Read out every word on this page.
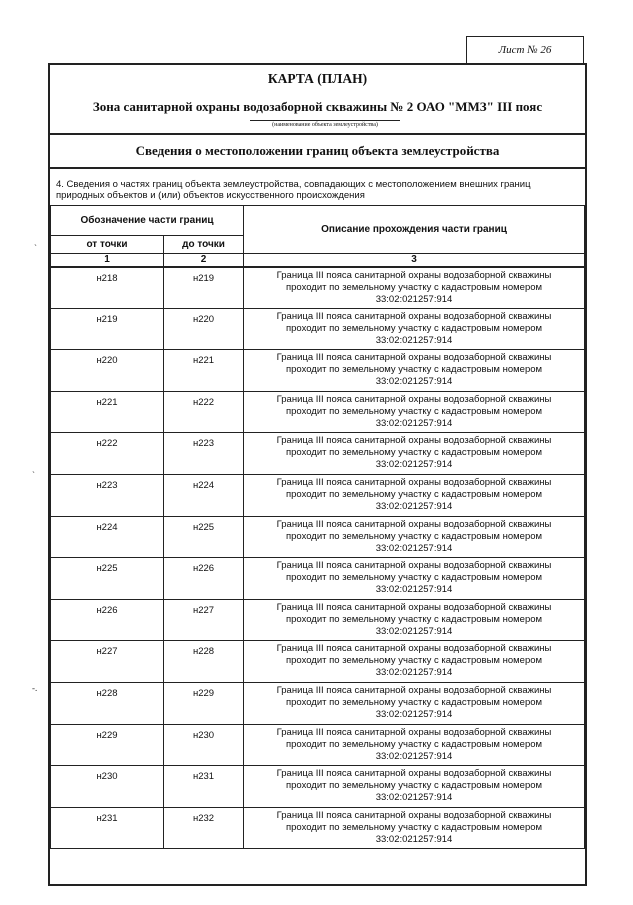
Лист № 26
КАРТА (ПЛАН)
Зона санитарной охраны водозаборной скважины № 2 ОАО "ММЗ" III пояс
(наименование объекта землеустройства)
Сведения о местоположении границ объекта землеустройства
4. Сведения о частях границ объекта землеустройства, совпадающих с местоположением внешних границ природных объектов и (или) объектов искусственного происхождения
Обозначение части границ		Описание прохождения части границ
от точки	до точки	
1	2	3
н218	н219	Граница III пояса санитарной охраны водозаборной скважины
проходит по земельному участку с кадастровым номером
33:02:021257:914

н219	н220	Граница III пояса санитарной охраны водозаборной скважины
проходит по земельному участку с кадастровым номером
33:02:021257:914

н220	н221	Граница III пояса санитарной охраны водозаборной скважины
проходит по земельному участку с кадастровым номером
33:02:021257:914

н221	н222	Граница III пояса санитарной охраны водозаборной скважины
проходит по земельному участку с кадастровым номером
33:02:021257:914

н222	н223	Граница III пояса санитарной охраны водозаборной скважины
проходит по земельному участку с кадастровым номером
33:02:021257:914

н223	н224	Граница III пояса санитарной охраны водозаборной скважины
проходит по земельному участку с кадастровым номером
33:02:021257:914

н224	н225	Граница III пояса санитарной охраны водозаборной скважины
проходит по земельному участку с кадастровым номером
33:02:021257:914

н225	н226	Граница III пояса санитарной охраны водозаборной скважины
проходит по земельному участку с кадастровым номером
33:02:021257:914

н226	н227	Граница III пояса санитарной охраны водозаборной скважины
проходит по земельному участку с кадастровым номером
33:02:021257:914

н227	н228	Граница III пояса санитарной охраны водозаборной скважины
проходит по земельному участку с кадастровым номером
33:02:021257:914

н228	н229	Граница III пояса санитарной охраны водозаборной скважины
проходит по земельному участку с кадастровым номером
33:02:021257:914

н229	н230	Граница III пояса санитарной охраны водозаборной скважины
проходит по земельному участку с кадастровым номером
33:02:021257:914

н230	н231	Граница III пояса санитарной охраны водозаборной скважины
проходит по земельному участку с кадастровым номером
33:02:021257:914

н231	н232	Граница III пояса санитарной охраны водозаборной скважины
проходит по земельному участку с кадастровым номером
33:02:021257:914
ˏ
ˏ
-.
